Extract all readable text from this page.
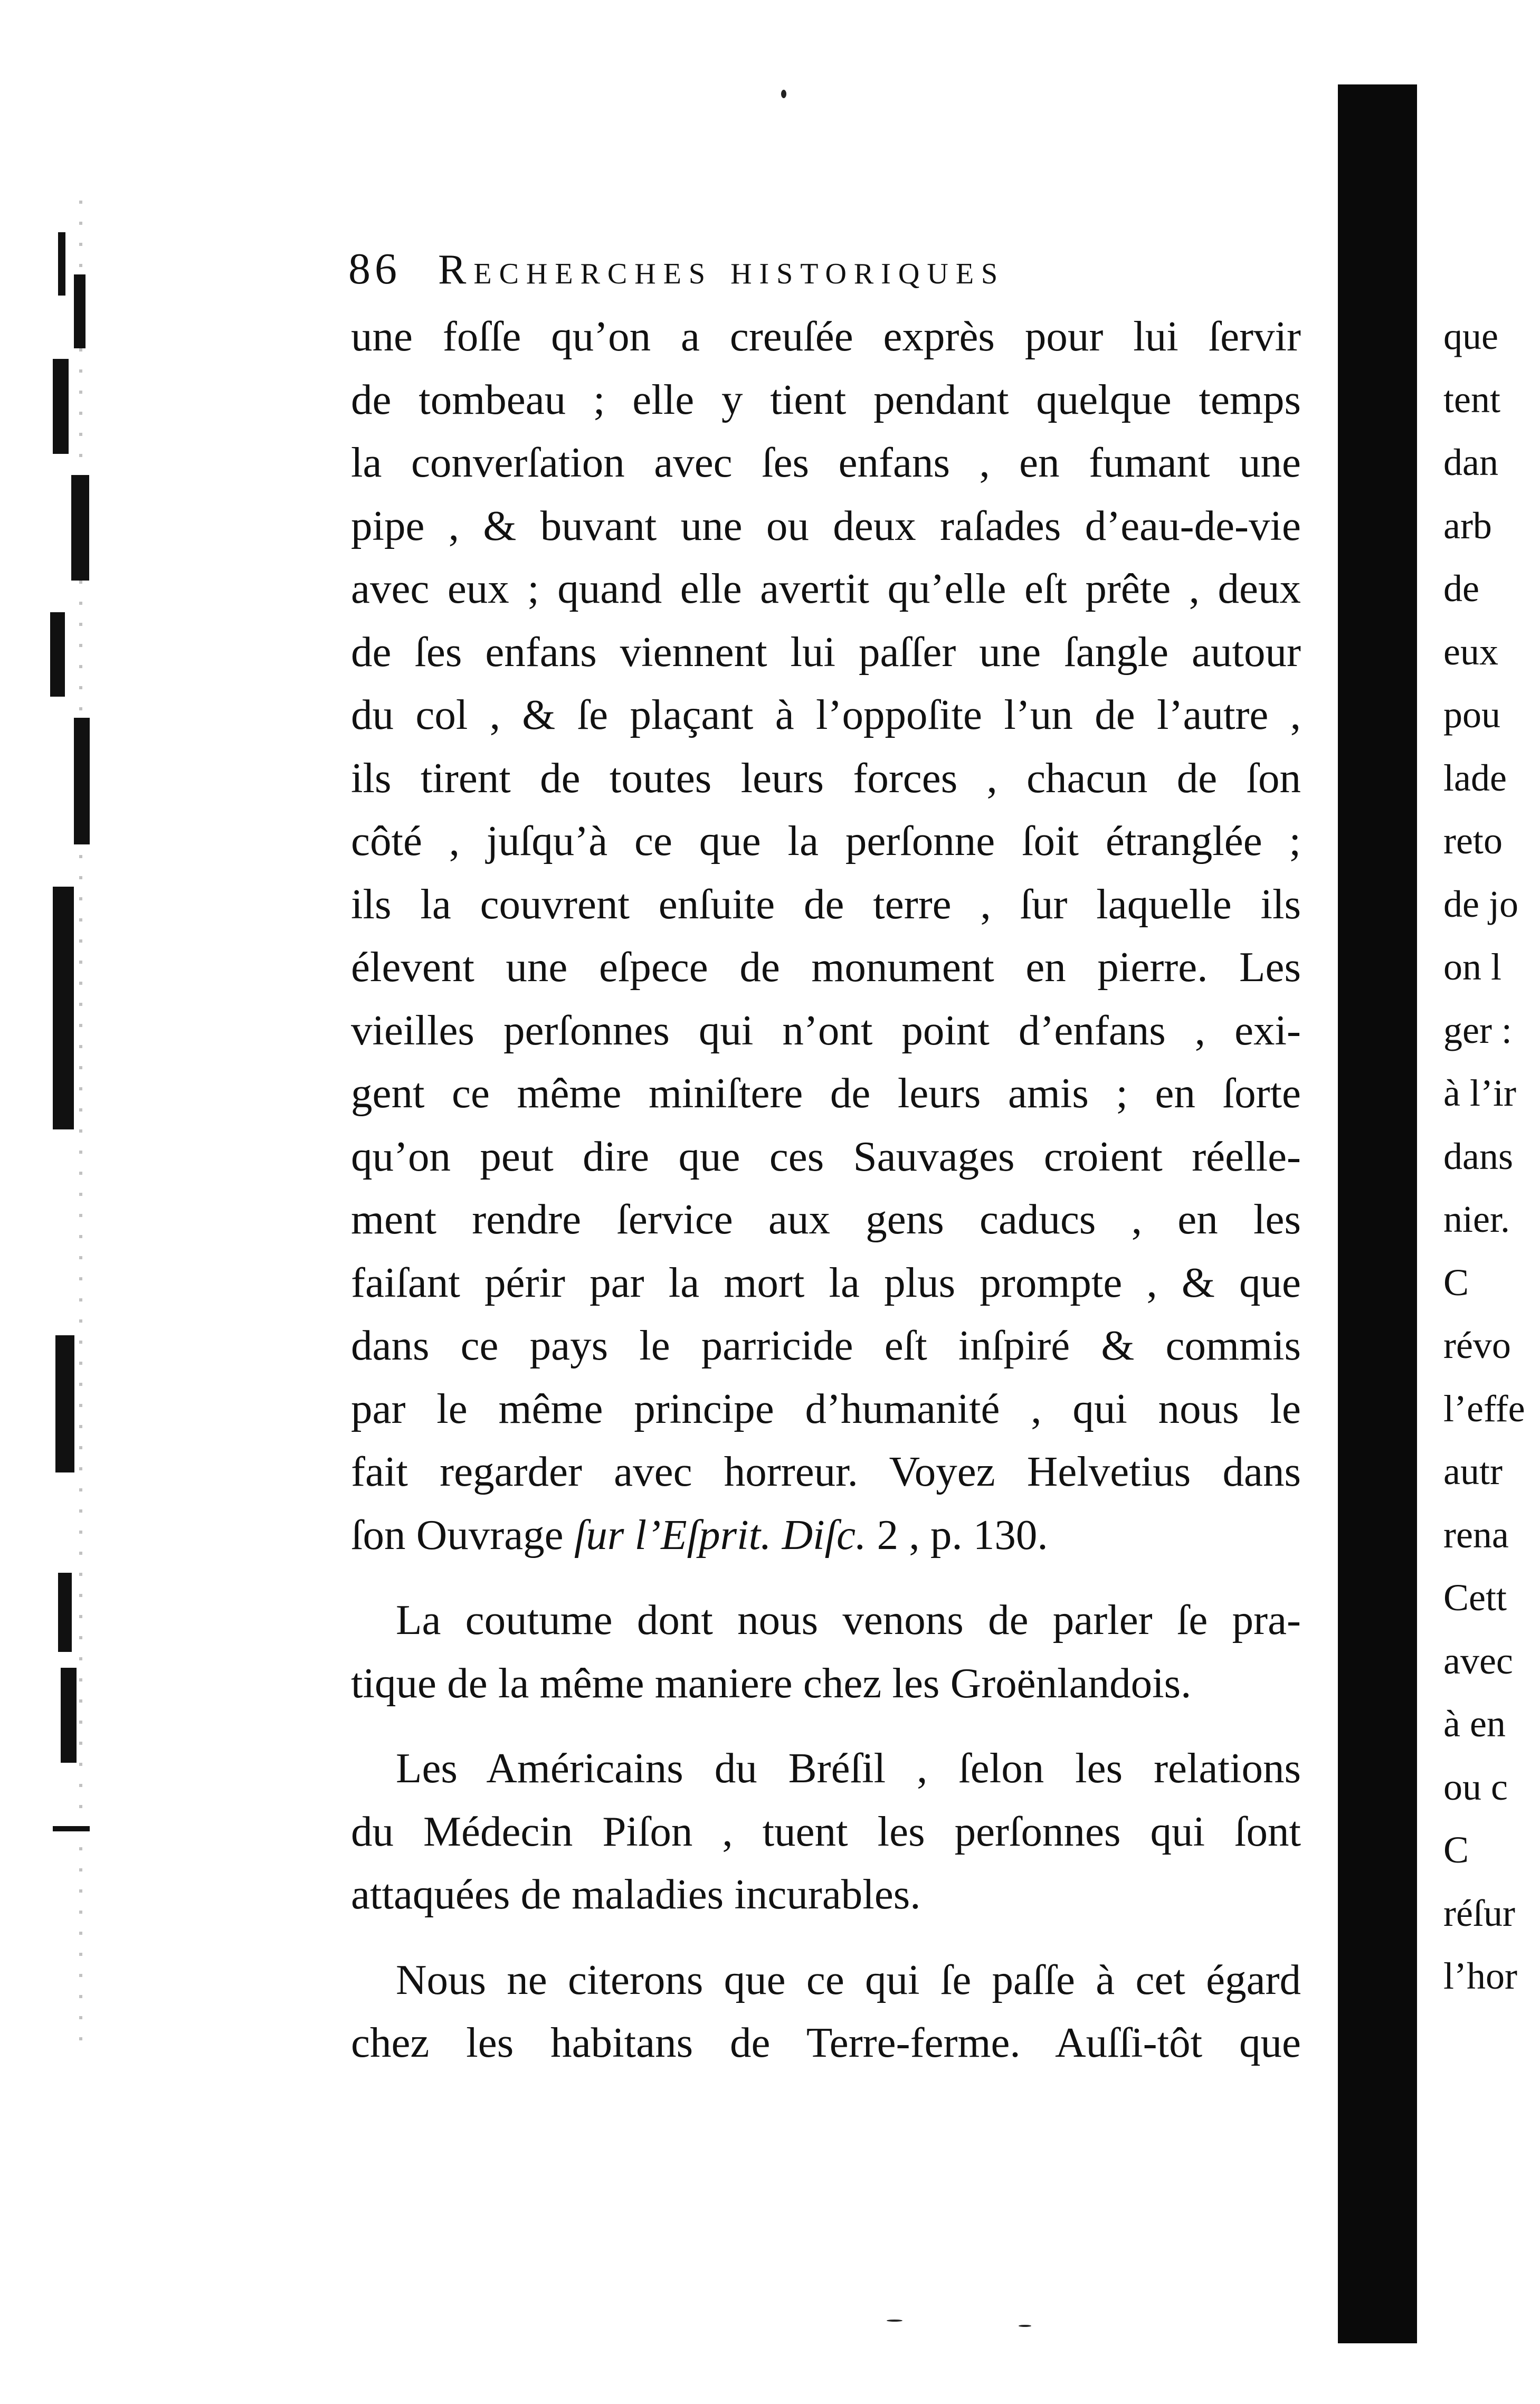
86 Recherches historiques

une foſſe qu’on a creuſée exprès pour lui ſervir

de tombeau ; elle y tient pendant quelque temps

la converſation avec ſes enfans , en fumant une

pipe , & buvant une ou deux raſades d’eau-de-vie

avec eux ; quand elle avertit qu’elle eſt prête , deux

de ſes enfans viennent lui paſſer une ſangle autour

du col , & ſe plaçant à l’oppoſite l’un de l’autre ,

ils tirent de toutes leurs forces , chacun de ſon

côté , juſqu’à ce que la perſonne ſoit étranglée ;

ils la couvrent enſuite de terre , ſur laquelle ils

élevent une eſpece de monument en pierre. Les

vieilles perſonnes qui n’ont point d’enfans , exi-

gent ce même miniſtere de leurs amis ; en ſorte

qu’on peut dire que ces Sauvages croient réelle-

ment rendre ſervice aux gens caducs , en les

faiſant périr par la mort la plus prompte , & que

dans ce pays le parricide eſt inſpiré & commis

par le même principe d’humanité , qui nous le

fait regarder avec horreur. Voyez Helvetius dans

ſon Ouvrage ſur l’Eſprit. Diſc. 2 , p. 130.

La coutume dont nous venons de parler ſe pra-

tique de la même maniere chez les Groënlandois.

Les Américains du Bréſil , ſelon les relations

du Médecin Piſon , tuent les perſonnes qui ſont

attaquées de maladies incurables.

Nous ne citerons que ce qui ſe paſſe à cet égard

chez les habitans de Terre-ferme. Auſſi-tôt que

que
tent
dan
arb
de
eux
pou
lade
reto
de jo
on l
ger :
à l’ir
dans
nier.
C
révo
l’effe
autr
rena
Cett
avec
à en
ou c
C
réſur
l’hor
